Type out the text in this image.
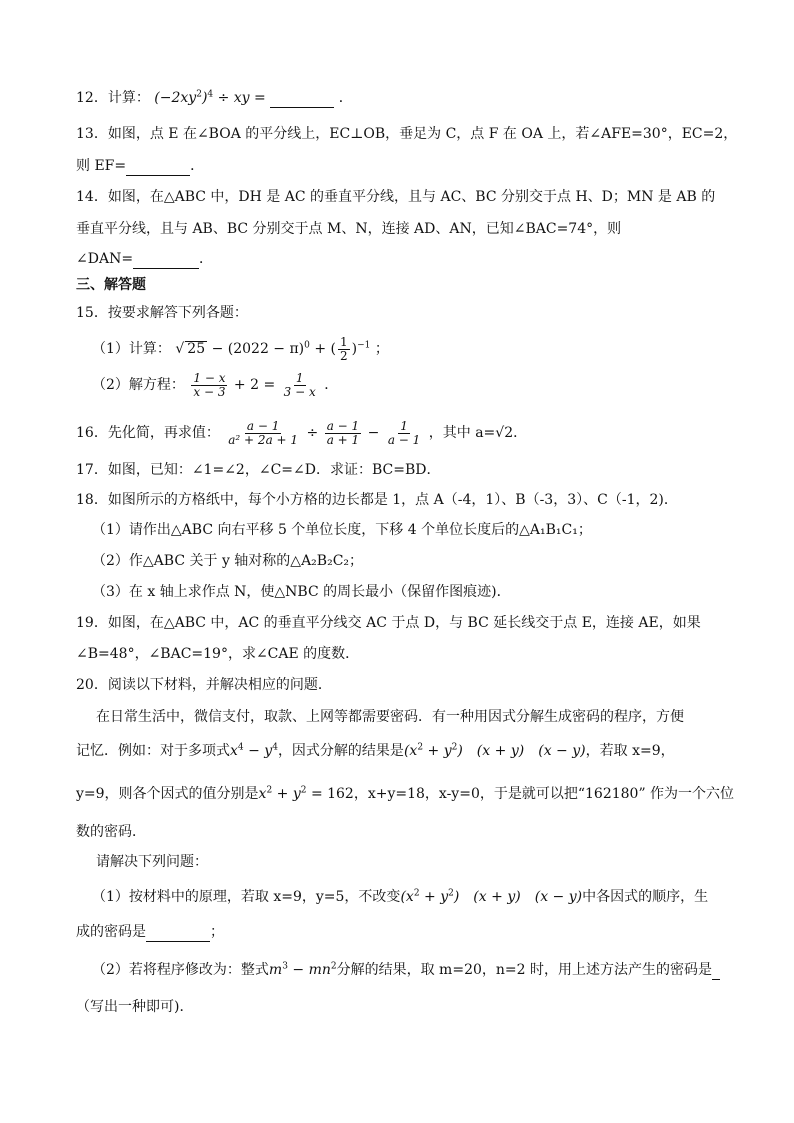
12．计算： $(-2xy^2)^4$ ÷ xy =	．
13．如图，点 E 在∠BOA 的平分线上，EC⊥OB，垂足为 C，点 F 在 OA 上，若∠AFE=30°，EC=2，
则 EF=	．
14．如图，在△ABC 中，DH 是 AC 的垂直平分线，且与 AC、BC 分别交于点 H、D；MN 是 AB 的
垂直平分线，且与 AB、BC 分别交于点 M、N，连接 AD、AN，已知∠BAC=74°，则
∠DAN=	．
三、解答题
15．按要求解答下列各题：
（1）计算： √ $25 - (2022 - \pi)^0$ + ( $\frac{1}{2} )^{-1}$ ；
（2）解方程： $\frac{1 - x}{x - 3} + 2 = \frac{1}{3 - x}$ ．
16．先化简，再求值： $\frac{a - 1}{\text{a² + 2a + 1}} \div \frac{a - 1}{a + 1} - \frac{1}{a - 1}$ ，其中 a=√2．
17．如图，已知：∠1=∠2，∠C=∠D．求证：BC=BD．
18．如图所示的方格纸中，每个小方格的边长都是 1，点 A（-4，1）、B（-3，3）、C（-1，2)．
（1）请作出△ABC 向右平移 5 个单位长度，下移 4 个单位长度后的△A₁B₁C₁；
（2）作△ABC 关于 y 轴对称的△A₂B₂C₂；
（3）在 x 轴上求作点 N，使△NBC 的周长最小（保留作图痕迹)．
19．如图，在△ABC 中，AC 的垂直平分线交 AC 于点 D，与 BC 延长线交于点 E，连接 AE，如果
∠B=48°，∠BAC=19°，求∠CAE 的度数．
20．阅读以下材料，并解决相应的问题．
在日常生活中，微信支付，取款、上网等都需要密码．有一种用因式分解生成密码的程序，方便
记忆．例如：对于多项式$x^4 - y^4$，因式分解的结果是$(x^2 + y^2)$　(x + y)　(x − y)，若取 x=9，
y=9，则各个因式的值分别是$x^2 + y^2 = 162$，x+y=18，x-y=0，于是就可以把“162180” 作为一个六位
数的密码．
请解决下列问题：
（1）按材料中的原理，若取 x=9，y=5，不改变$(x^2 + y^2)$　(x + y)　(x − y)中各因式的顺序，生
成的密码是	；
（2）若将程序修改为：整式$m^3 - mn^2$分解的结果，取 m=20，n=2 时，用上述方法产生的密码是
（写出一种即可)．
